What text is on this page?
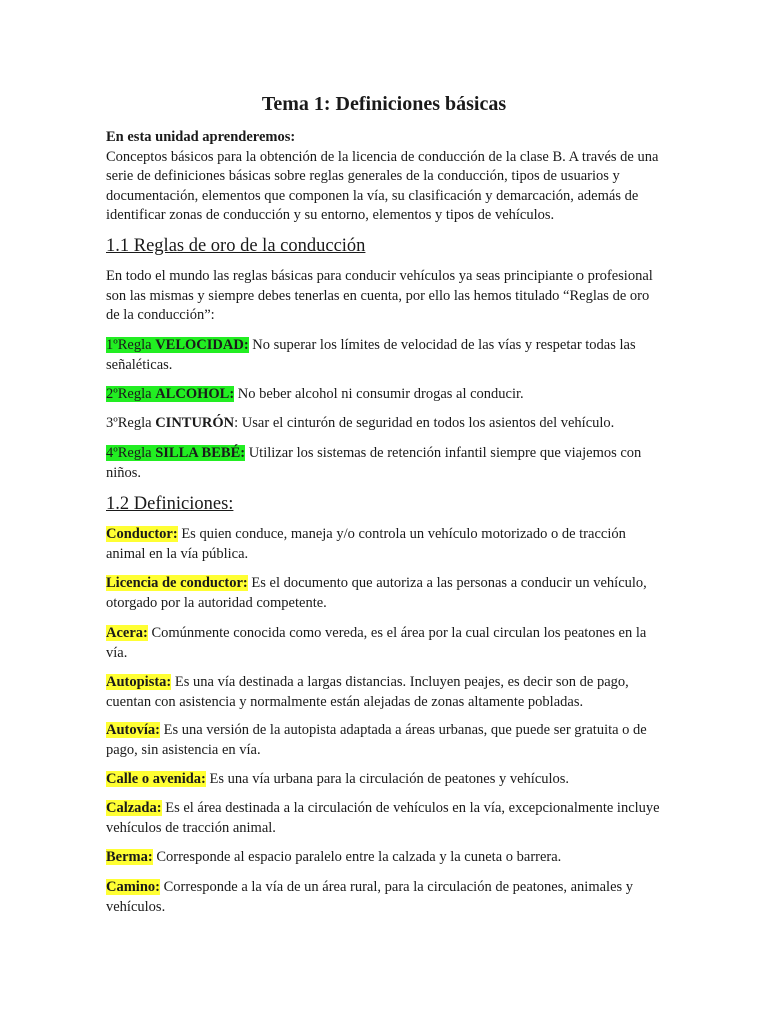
Tema 1: Definiciones básicas
En esta unidad aprenderemos:
Conceptos básicos para la obtención de la licencia de conducción de la clase B. A través de una serie de definiciones básicas sobre reglas generales de la conducción, tipos de usuarios y documentación, elementos que componen la vía, su clasificación y demarcación, además de identificar zonas de conducción y su entorno, elementos y tipos de vehículos.
1.1 Reglas de oro de la conducción
En todo el mundo las reglas básicas para conducir vehículos ya seas principiante o profesional son las mismas y siempre debes tenerlas en cuenta, por ello las hemos titulado “Reglas de oro de la conducción”:
1ºRegla VELOCIDAD: No superar los límites de velocidad de las vías y respetar todas las señaléticas.
2ºRegla ALCOHOL: No beber alcohol ni consumir drogas al conducir.
3ºRegla CINTURÓN: Usar el cinturón de seguridad en todos los asientos del vehículo.
4ºRegla SILLA BEBÉ: Utilizar los sistemas de retención infantil siempre que viajemos con niños.
1.2 Definiciones:
Conductor: Es quien conduce, maneja y/o controla un vehículo motorizado o de tracción animal en la vía pública.
Licencia de conductor: Es el documento que autoriza a las personas a conducir un vehículo, otorgado por la autoridad competente.
Acera: Comúnmente conocida como vereda, es el área por la cual circulan los peatones en la vía.
Autopista: Es una vía destinada a largas distancias. Incluyen peajes, es decir son de pago, cuentan con asistencia y normalmente están alejadas de zonas altamente pobladas.
Autovía: Es una versión de la autopista adaptada a áreas urbanas, que puede ser gratuita o de pago, sin asistencia en vía.
Calle o avenida: Es una vía urbana para la circulación de peatones y vehículos.
Calzada: Es el área destinada a la circulación de vehículos en la vía, excepcionalmente incluye vehículos de tracción animal.
Berma: Corresponde al espacio paralelo entre la calzada y la cuneta o barrera.
Camino: Corresponde a la vía de un área rural, para la circulación de peatones, animales y vehículos.
